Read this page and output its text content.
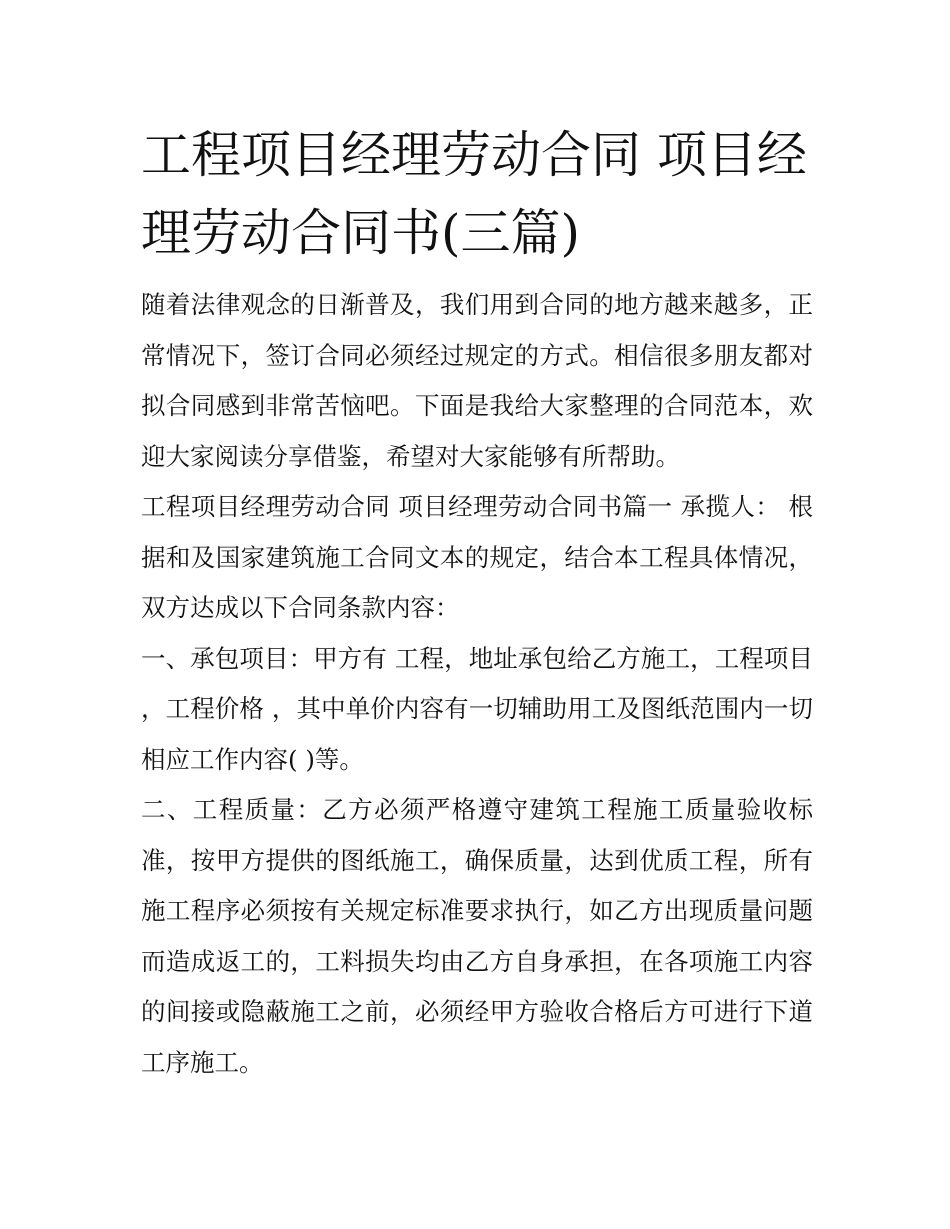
工程项目经理劳动合同 项目经理劳动合同书(三篇)

随着法律观念的日渐普及，我们用到合同的地方越来越多，正常情况下，签订合同必须经过规定的方式。相信很多朋友都对拟合同感到非常苦恼吧。下面是我给大家整理的合同范本，欢迎大家阅读分享借鉴，希望对大家能够有所帮助。

工程项目经理劳动合同 项目经理劳动合同书篇一 承揽人： 根据和及国家建筑施工合同文本的规定，结合本工程具体情况，双方达成以下合同条款内容：

一、承包项目：甲方有 工程，地址承包给乙方施工，工程项目 ，工程价格 ，其中单价内容有一切辅助用工及图纸范围内一切相应工作内容( )等。

二、工程质量：乙方必须严格遵守建筑工程施工质量验收标准，按甲方提供的图纸施工，确保质量，达到优质工程，所有施工程序必须按有关规定标准要求执行，如乙方出现质量问题而造成返工的，工料损失均由乙方自身承担，在各项施工内容的间接或隐蔽施工之前，必须经甲方验收合格后方可进行下道工序施工。
